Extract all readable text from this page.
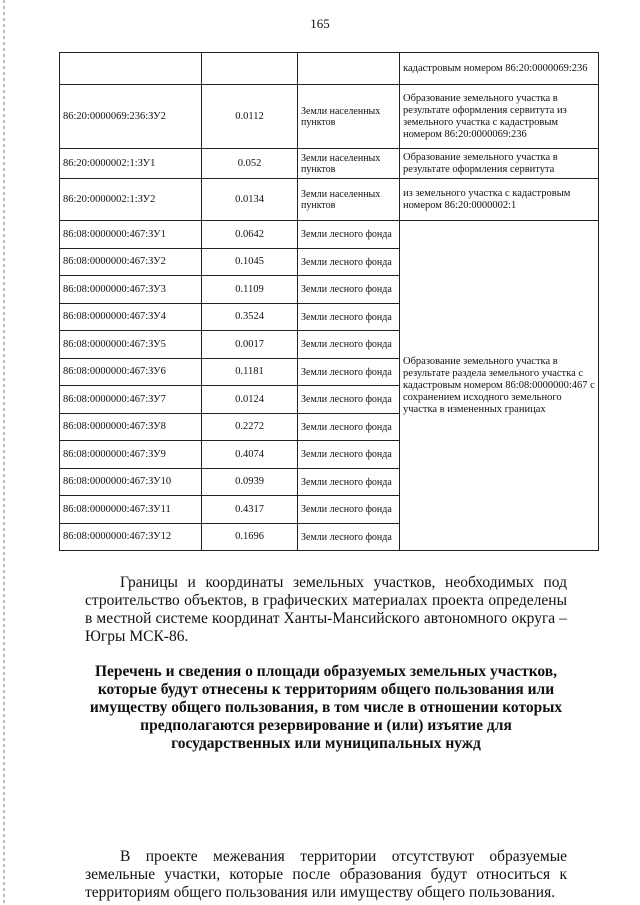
165
			кадастровым номером 86:20:0000069:236
86:20:0000069:236:ЗУ2	0.0112	Земли населенных пунктов	Образование земельного участка в результате оформления сервитута из земельного участка с кадастровым номером 86:20:0000069:236
86:20:0000002:1:ЗУ1	0.052	Земли населенных пунктов	Образование земельного участка в результате оформления сервитута
86:20:0000002:1:ЗУ2	0.0134	Земли населенных пунктов	из земельного участка с кадастровым номером 86:20:0000002:1
86:08:0000000:467:ЗУ1	0.0642	Земли лесного фонда	Образование земельного участка в результате раздела земельного участка с кадастровым номером 86:08:0000000:467 с сохранением исходного земельного участка в измененных границах
86:08:0000000:467:ЗУ2	0.1045	Земли лесного фонда	
86:08:0000000:467:ЗУ3	0.1109	Земли лесного фонда	
86:08:0000000:467:ЗУ4	0.3524	Земли лесного фонда	
86:08:0000000:467:ЗУ5	0.0017	Земли лесного фонда	
86:08:0000000:467:ЗУ6	0.1181	Земли лесного фонда	
86:08:0000000:467:ЗУ7	0.0124	Земли лесного фонда	
86:08:0000000:467:ЗУ8	0.2272	Земли лесного фонда	
86:08:0000000:467:ЗУ9	0.4074	Земли лесного фонда	
86:08:0000000:467:ЗУ10	0.0939	Земли лесного фонда	
86:08:0000000:467:ЗУ11	0.4317	Земли лесного фонда	
86:08:0000000:467:ЗУ12	0.1696	Земли лесного фонда	

Границы и координаты земельных участков, необходимых под строительство объектов, в графических материалах проекта определены в местной системе координат Ханты-Мансийского автономного округа – Югры МСК-86.

Перечень и сведения о площади образуемых земельных участков, которые будут отнесены к территориям общего пользования или имуществу общего пользования, в том числе в отношении которых предполагаются резервирование и (или) изъятие для государственных или муниципальных нужд

В проекте межевания территории отсутствуют образуемые земельные участки, которые после образования будут относиться к территориям общего пользования или имуществу общего пользования.
